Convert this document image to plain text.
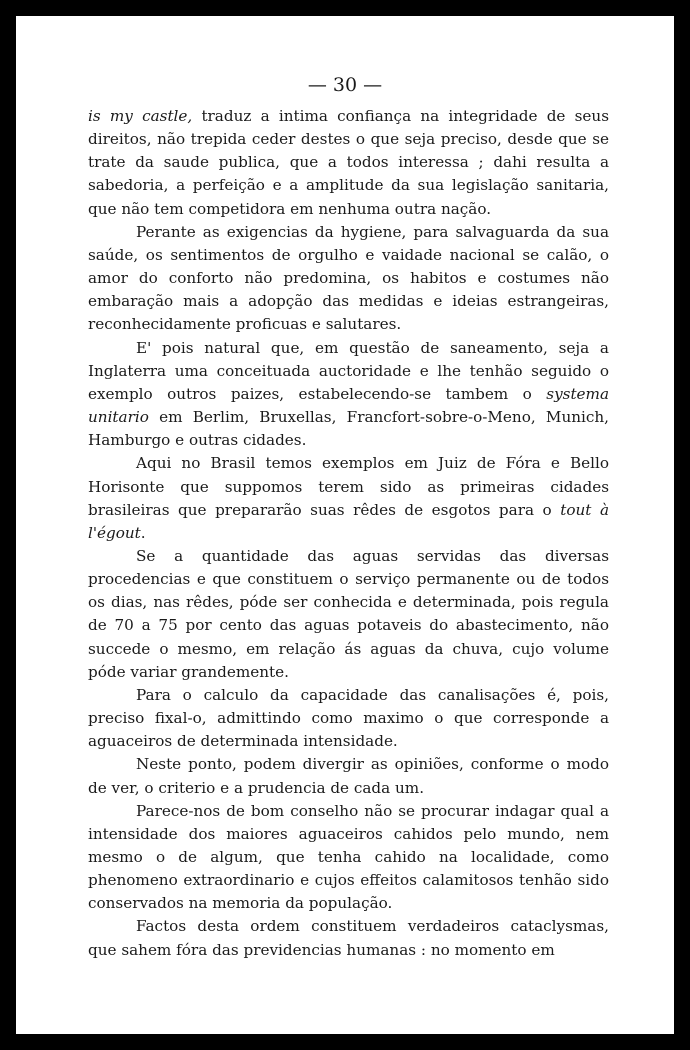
— 30 —

is my castle, traduz a intima confiança na integridade de seus direitos, não trepida ceder destes o que seja preciso, desde que se trate da saude publica, que a todos interessa ; dahi resulta a sabedoria, a perfeição e a amplitude da sua legislação sanitaria, que não tem competidora em nenhuma outra nação.

Perante as exigencias da hygiene, para salvaguarda da sua saúde, os sentimentos de orgulho e vaidade nacional se calão, o amor do conforto não predomina, os habitos e costumes não embaração mais a adopção das medidas e ideias estrangeiras, reconhecidamente proficuas e salutares.

E' pois natural que, em questão de saneamento, seja a Inglaterra uma conceituada auctoridade e lhe tenhão seguido o exemplo outros paizes, estabelecendo-se tambem o systema unitario em Berlim, Bruxellas, Francfort-sobre-o-Meno, Munich, Hamburgo e outras cidades.

Aqui no Brasil temos exemplos em Juiz de Fóra e Bello Horisonte que suppomos terem sido as primeiras cidades brasileiras que prepararão suas rêdes de esgotos para o tout à l'égout.

Se a quantidade das aguas servidas das diversas procedencias e que constituem o serviço permanente ou de todos os dias, nas rêdes, póde ser conhecida e determinada, pois regula de 70 a 75 por cento das aguas potaveis do abastecimento, não succede o mesmo, em relação ás aguas da chuva, cujo volume póde variar grandemente.

Para o calculo da capacidade das canalisações é, pois, preciso fixal-o, admittindo como maximo o que corresponde a aguaceiros de determinada intensidade.

Neste ponto, podem divergir as opiniões, conforme o modo de ver, o criterio e a prudencia de cada um.

Parece-nos de bom conselho não se procurar indagar qual a intensidade dos maiores aguaceiros cahidos pelo mundo, nem mesmo o de algum, que tenha cahido na localidade, como phenomeno extraordinario e cujos effeitos calamitosos tenhão sido conservados na memoria da população.

Factos desta ordem constituem verdadeiros cataclysmas, que sahem fóra das previdencias humanas : no momento em
